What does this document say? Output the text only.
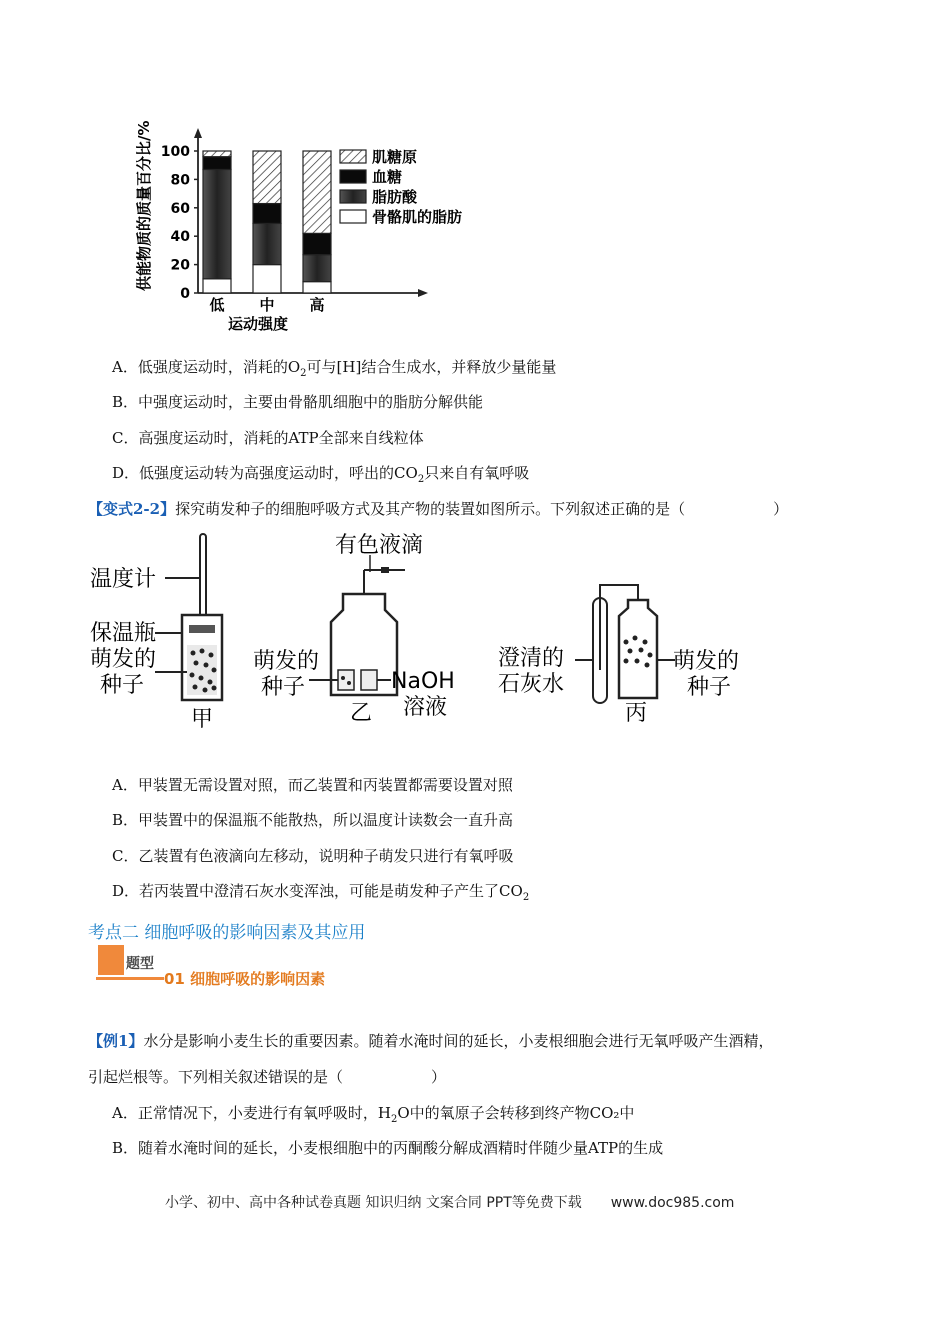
0
20
40
60
80
100
供能物质的质量百分比/%
运动强度
低 中 高
肌糖原
血糖
脂肪酸
骨骼肌的脂肪
A．低强度运动时，消耗的$O_2$可与[H]结合生成水，并释放少量能量
B．中强度运动时，主要由骨骼肌细胞中的脂肪分解供能
C．高强度运动时，消耗的ATP全部来自线粒体
D．低强度运动转为高强度运动时，呼出的$CO_2$只来自有氧呼吸
【变式2-2】探究萌发种子的细胞呼吸方式及其产物的装置如图所示。下列叙述正确的是（	）
温度计
保温瓶
萌发的
种子
甲
有色液滴
萌发的
种子	NaOH
溶液
乙
澄清的
石灰水
萌发的
种子
丙
A．甲装置无需设置对照，而乙装置和丙装置都需要设置对照
B．甲装置中的保温瓶不能散热，所以温度计读数会一直升高
C．乙装置有色液滴向左移动，说明种子萌发只进行有氧呼吸
D．若丙装置中澄清石灰水变浑浊，可能是萌发种子产生了$CO_2$
考点二 细胞呼吸的影响因素及其应用
题型
01 细胞呼吸的影响因素
【例1】水分是影响小麦生长的重要因素。随着水淹时间的延长，小麦根细胞会进行无氧呼吸产生酒精，
引起烂根等。下列相关叙述错误的是（	）
A．正常情况下，小麦进行有氧呼吸时，$H_2O$中的氧原子会转移到终产物CO₂中
B．随着水淹时间的延长，小麦根细胞中的丙酮酸分解成酒精时伴随少量ATP的生成
小学、初中、高中各种试卷真题 知识归纳 文案合同 PPT等免费下载 www.doc985.com
